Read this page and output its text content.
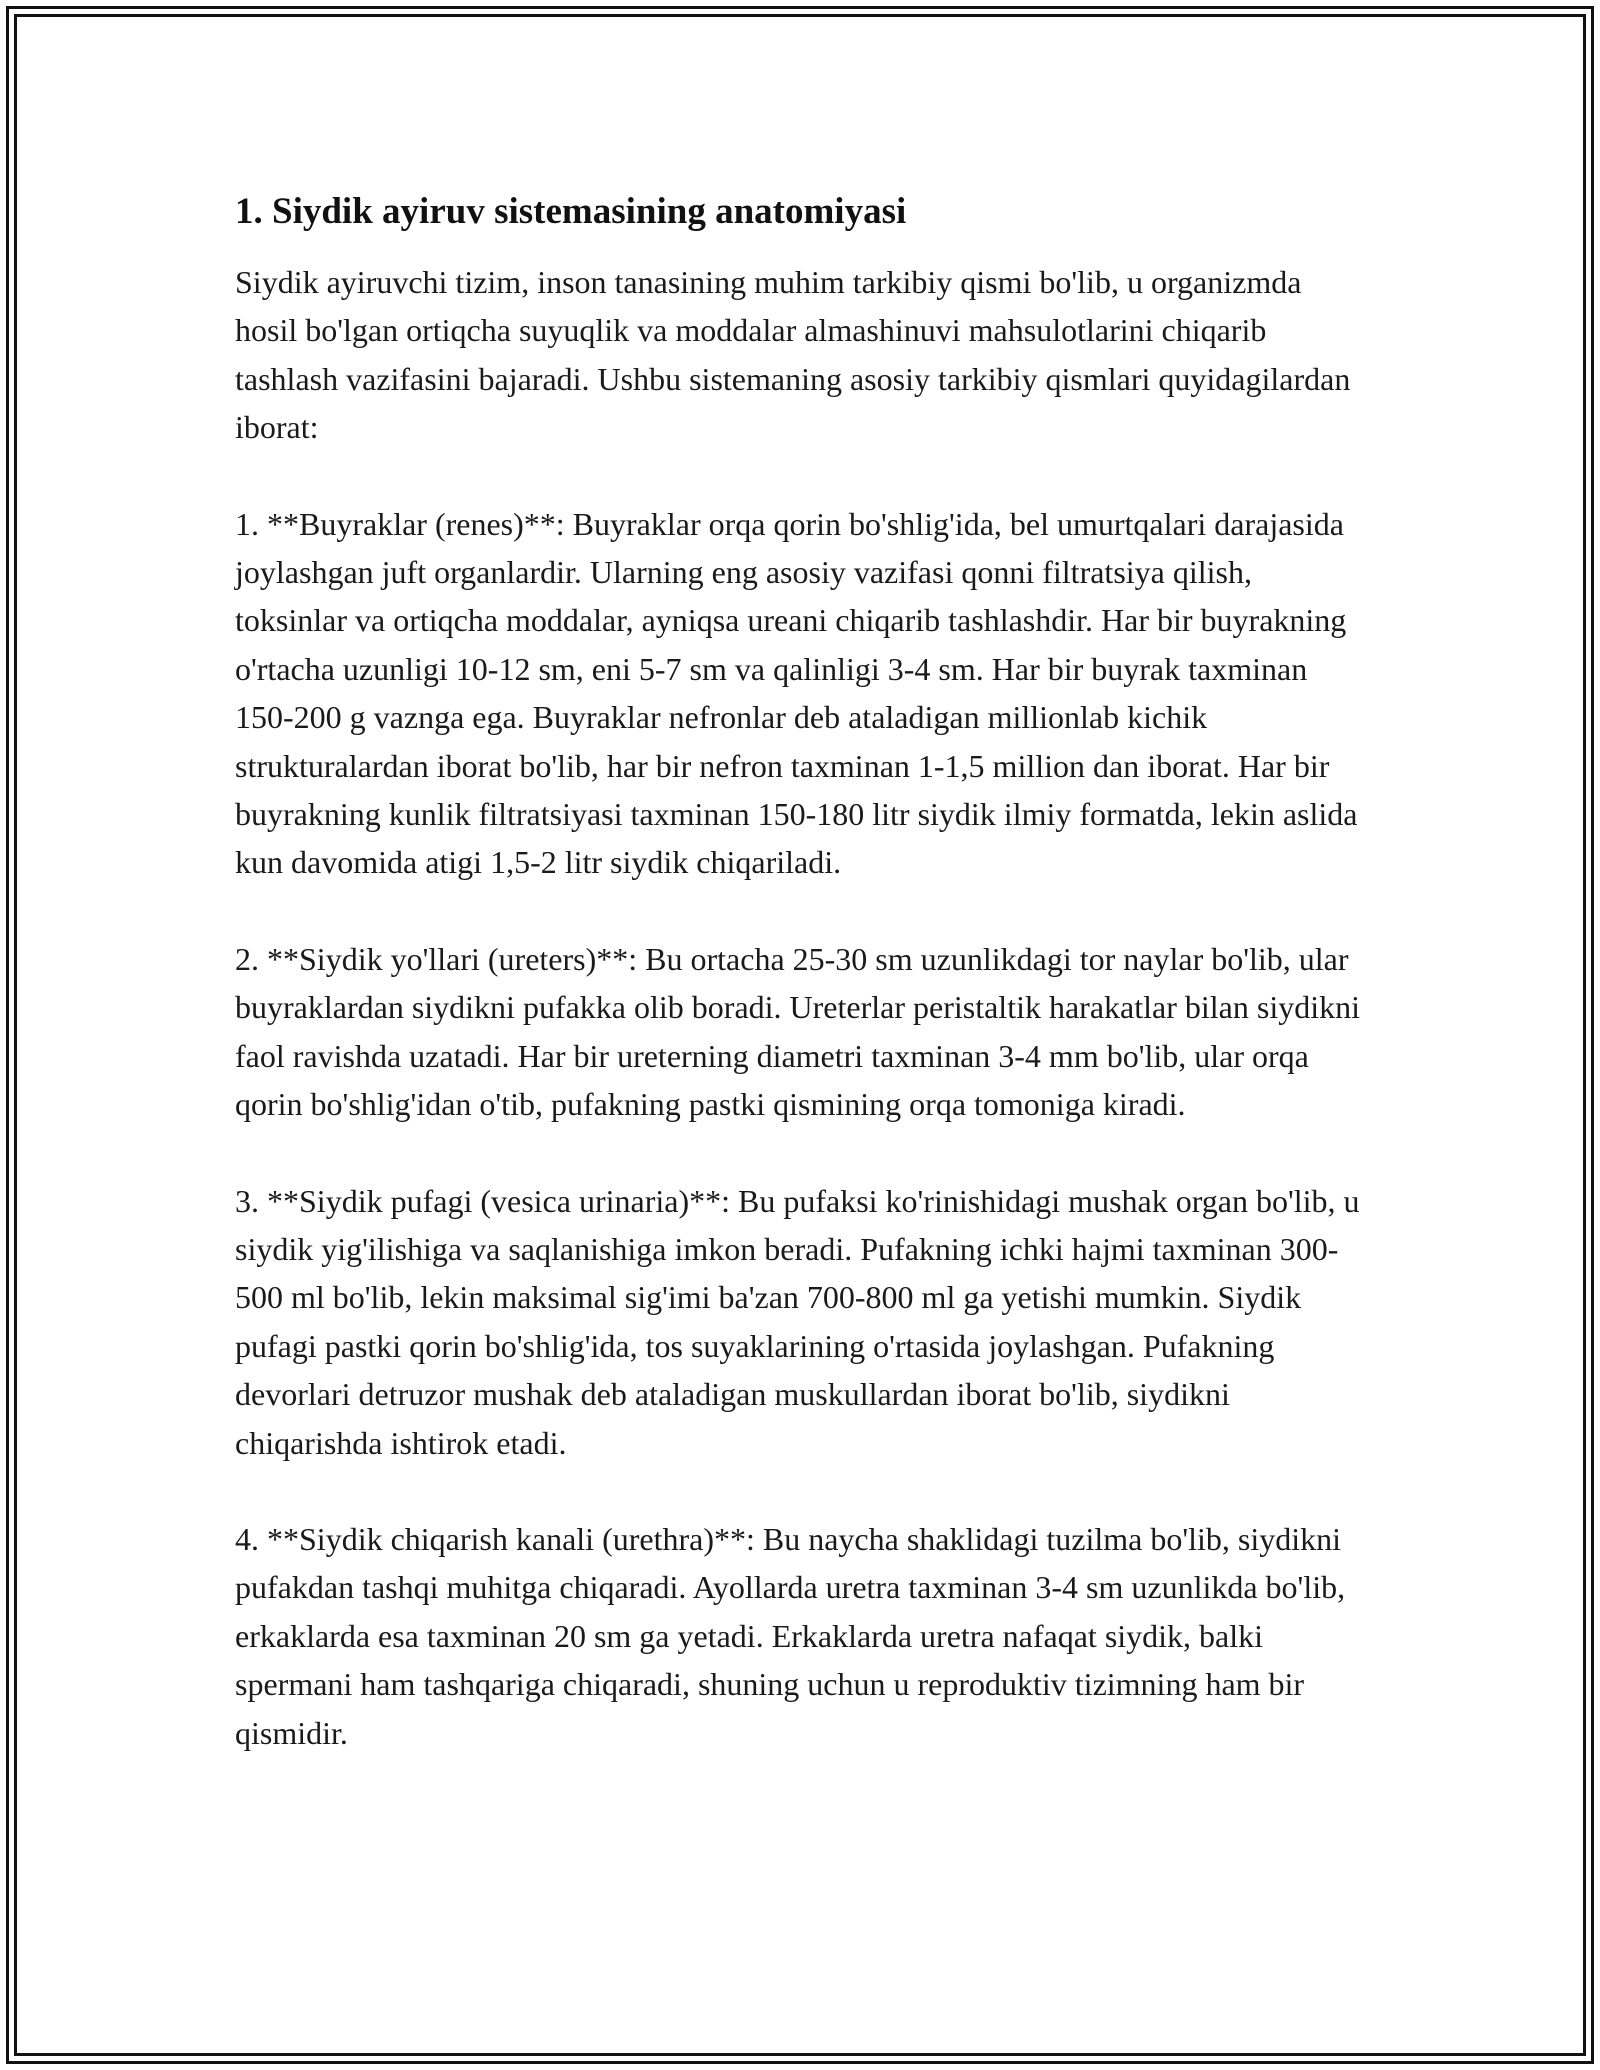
1. Siydik ayiruv sistemasining anatomiyasi

Siydik ayiruvchi tizim, inson tanasining muhim tarkibiy qismi bo'lib, u organizmda hosil bo'lgan ortiqcha suyuqlik va moddalar almashinuvi mahsulotlarini chiqarib tashlash vazifasini bajaradi. Ushbu sistemaning asosiy tarkibiy qismlari quyidagilardan iborat:

1. **Buyraklar (renes)**: Buyraklar orqa qorin bo'shlig'ida, bel umurtqalari darajasida joylashgan juft organlardir. Ularning eng asosiy vazifasi qonni filtratsiya qilish, toksinlar va ortiqcha moddalar, ayniqsa ureani chiqarib tashlashdir. Har bir buyrakning o'rtacha uzunligi 10-12 sm, eni 5-7 sm va qalinligi 3-4 sm. Har bir buyrak taxminan 150-200 g vaznga ega. Buyraklar nefronlar deb ataladigan millionlab kichik strukturalardan iborat bo'lib, har bir nefron taxminan 1-1,5 million dan iborat. Har bir buyrakning kunlik filtratsiyasi taxminan 150-180 litr siydik ilmiy formatda, lekin aslida kun davomida atigi 1,5-2 litr siydik chiqariladi.

2. **Siydik yo'llari (ureters)**: Bu ortacha 25-30 sm uzunlikdagi tor naylar bo'lib, ular buyraklardan siydikni pufakka olib boradi. Ureterlar peristaltik harakatlar bilan siydikni faol ravishda uzatadi. Har bir ureterning diametri taxminan 3-4 mm bo'lib, ular orqa qorin bo'shlig'idan o'tib, pufakning pastki qismining orqa tomoniga kiradi.

3. **Siydik pufagi (vesica urinaria)**: Bu pufaksi ko'rinishidagi mushak organ bo'lib, u siydik yig'ilishiga va saqlanishiga imkon beradi. Pufakning ichki hajmi taxminan 300-500 ml bo'lib, lekin maksimal sig'imi ba'zan 700-800 ml ga yetishi mumkin. Siydik pufagi pastki qorin bo'shlig'ida, tos suyaklarining o'rtasida joylashgan. Pufakning devorlari detruzor mushak deb ataladigan muskullardan iborat bo'lib, siydikni chiqarishda ishtirok etadi.

4. **Siydik chiqarish kanali (urethra)**: Bu naycha shaklidagi tuzilma bo'lib, siydikni pufakdan tashqi muhitga chiqaradi. Ayollarda uretra taxminan 3-4 sm uzunlikda bo'lib, erkaklarda esa taxminan 20 sm ga yetadi. Erkaklarda uretra nafaqat siydik, balki spermani ham tashqariga chiqaradi, shuning uchun u reproduktiv tizimning ham bir qismidir.
